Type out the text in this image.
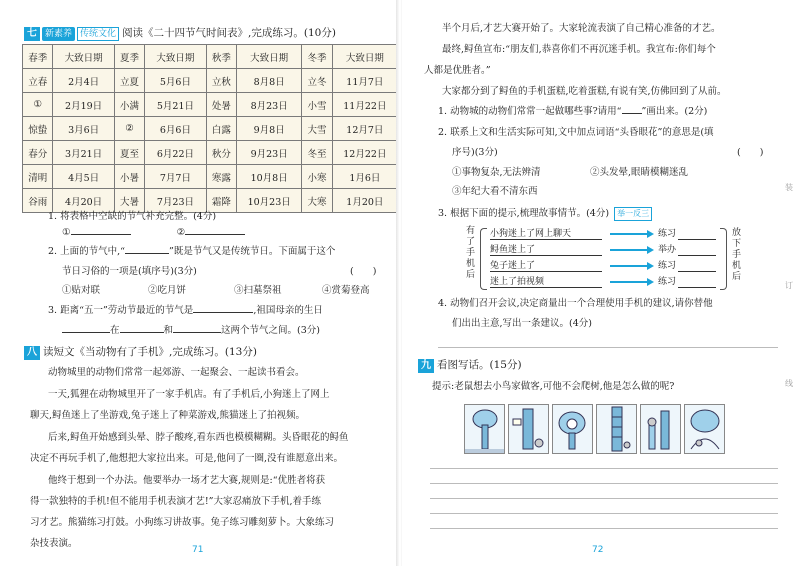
七 新素养 传统文化 阅读《二十四节气时间表》,完成练习。(10分)
春季	大致日期	夏季	大致日期	秋季	大致日期	冬季	大致日期
立春	2月4日	立夏	5月6日	立秋	8月8日	立冬	11月7日
①	2月19日	小满	5月21日	处暑	8月23日	小雪	11月22日
惊蛰	3月6日	②	6月6日	白露	9月8日	大雪	12月7日
春分	3月21日	夏至	6月22日	秋分	9月23日	冬至	12月22日
清明	4月5日	小暑	7月7日	寒露	10月8日	小寒	1月6日
谷雨	4月20日	大暑	7月23日	霜降	10月23日	大寒	1月20日
1. 将表格中空缺的节气补充完整。(4分)
①	②
2. 上面的节气中,“	”既是节气又是传统节日。下面属于这个
节日习俗的一项是(填序号)(3分)	(　　)
①贴对联	②吃月饼	③扫墓祭祖	④赏菊登高
3. 距离“五一”劳动节最近的节气是	,祖国母亲的生日
在	和	这两个节气之间。(3分)
八 读短文《当动物有了手机》,完成练习。(13分)
动物城里的动物们常常一起郊游、一起聚会、一起读书看会。
一天,狐狸在动物城里开了一家手机店。有了手机后,小狗迷上了网上
聊天,鲟鱼迷上了坐游戏,兔子迷上了种菜游戏,熊猫迷上了拍视频。
后来,鲟鱼开始感到头晕、脖子酸疼,看东西也模模糊糊。头昏眼花的鲟鱼
决定不再玩手机了,他想把大家拉出来。可是,他问了一圈,没有谁愿意出来。
他终于想到一个办法。他要举办一场才艺大赛,规则是:“优胜者将获
得一款独特的手机!但不能用手机表演才艺!”大家忍痛放下手机,着手练
习才艺。熊猫练习打鼓。小狗练习讲故事。兔子练习雕刻萝卜。大象练习
杂技表演。
71
半个月后,才艺大赛开始了。大家轮流表演了自己精心准备的才艺。
最终,鲟鱼宣布:“朋友们,恭喜你们不再沉迷手机。我宣布:你们每个
人都是优胜者。”
大家都分到了鲟鱼的手机蛋糕,吃着蛋糕,有说有笑,仿佛回到了从前。
1. 动物城的动物们常常一起做哪些事?请用“ ”画出来。(2分)
2. 联系上文和生活实际可知,文中加点词语“头昏眼花”的意思是(填
序号)(3分)	(　　)
①事物复杂,无法辨清	②头发晕,眼睛模糊迷乱
③年纪大看不清东西
3. 根据下面的提示,梳理故事情节。(4分) 举一反三
有了手机后
放下手机后
小狗迷上了网上聊天	练习
鲟鱼迷上了	举办
兔子迷上了	练习
迷上了拍视频	练习
4. 动物们召开会议,决定商量出一个合理使用手机的建议,请你替他
们出出主意,写出一条建议。(4分)
九 看图写话。(15分)
提示:老鼠想去小鸟家做客,可他不会爬树,他是怎么做的呢?
72
装
订
线
